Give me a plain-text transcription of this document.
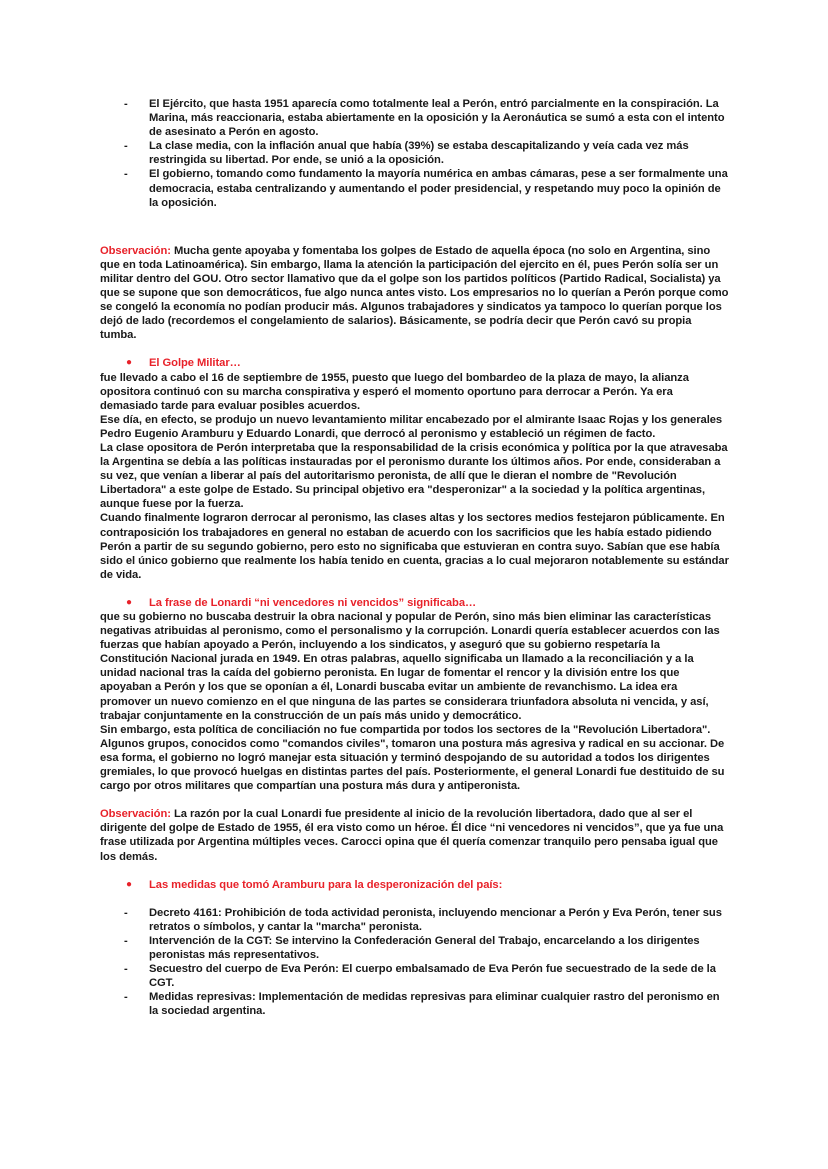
- El Ejército, que hasta 1951 aparecía como totalmente leal a Perón, entró parcialmente en la conspiración. La Marina, más reaccionaria, estaba abiertamente en la oposición y la Aeronáutica se sumó a esta con el intento de asesinato a Perón en agosto.
- La clase media, con la inflación anual que había (39%) se estaba descapitalizando y veía cada vez más restringida su libertad. Por ende, se unió a la oposición.
- El gobierno, tomando como fundamento la mayoría numérica en ambas cámaras, pese a ser formalmente una democracia, estaba centralizando y aumentando el poder presidencial, y respetando muy poco la opinión de la oposición.

Observación: Mucha gente apoyaba y fomentaba los golpes de Estado de aquella época (no solo en Argentina, sino que en toda Latinoamérica). Sin embargo, llama la atención la participación del ejercito en él, pues Perón solía ser un militar dentro del GOU. Otro sector llamativo que da el golpe son los partidos políticos (Partido Radical, Socialista) ya que se supone que son democráticos, fue algo nunca antes visto. Los empresarios no lo querían a Perón porque como se congeló la economía no podían producir más. Algunos trabajadores y sindicatos ya tampoco lo querían porque los dejó de lado (recordemos el congelamiento de salarios). Básicamente, se podría decir que Perón cavó su propia tumba.

● El Golpe Militar…

fue llevado a cabo el 16 de septiembre de 1955, puesto que luego del bombardeo de la plaza de mayo, la alianza opositora continuó con su marcha conspirativa y esperó el momento oportuno para derrocar a Perón. Ya era demasiado tarde para evaluar posibles acuerdos.

Ese día, en efecto, se produjo un nuevo levantamiento militar encabezado por el almirante Isaac Rojas y los generales Pedro Eugenio Aramburu y Eduardo Lonardi, que derrocó al peronismo y estableció un régimen de facto.

La clase opositora de Perón interpretaba que la responsabilidad de la crisis económica y política por la que atravesaba la Argentina se debía a las políticas instauradas por el peronismo durante los últimos años. Por ende, consideraban a su vez, que venían a liberar al país del autoritarismo peronista, de allí que le dieran el nombre de "Revolución Libertadora" a este golpe de Estado. Su principal objetivo era "desperonizar" a la sociedad y la política argentinas, aunque fuese por la fuerza.

Cuando finalmente lograron derrocar al peronismo, las clases altas y los sectores medios festejaron públicamente. En contraposición los trabajadores en general no estaban de acuerdo con los sacrificios que les había estado pidiendo Perón a partir de su segundo gobierno, pero esto no significaba que estuvieran en contra suyo. Sabían que ese había sido el único gobierno que realmente los había tenido en cuenta, gracias a lo cual mejoraron notablemente su estándar de vida.

● La frase de Lonardi “ni vencedores ni vencidos” significaba…

que su gobierno no buscaba destruir la obra nacional y popular de Perón, sino más bien eliminar las características negativas atribuidas al peronismo, como el personalismo y la corrupción. Lonardi quería establecer acuerdos con las fuerzas que habían apoyado a Perón, incluyendo a los sindicatos, y aseguró que su gobierno respetaría la Constitución Nacional jurada en 1949. En otras palabras, aquello significaba un llamado a la reconciliación y a la unidad nacional tras la caída del gobierno peronista. En lugar de fomentar el rencor y la división entre los que apoyaban a Perón y los que se oponían a él, Lonardi buscaba evitar un ambiente de revanchismo. La idea era promover un nuevo comienzo en el que ninguna de las partes se considerara triunfadora absoluta ni vencida, y así, trabajar conjuntamente en la construcción de un país más unido y democrático.

Sin embargo, esta política de conciliación no fue compartida por todos los sectores de la "Revolución Libertadora". Algunos grupos, conocidos como "comandos civiles", tomaron una postura más agresiva y radical en su accionar. De esa forma, el gobierno no logró manejar esta situación y terminó despojando de su autoridad a todos los dirigentes gremiales, lo que provocó huelgas en distintas partes del país. Posteriormente, el general Lonardi fue destituido de su cargo por otros militares que compartían una postura más dura y antiperonista.

Observación: La razón por la cual Lonardi fue presidente al inicio de la revolución libertadora, dado que al ser el dirigente del golpe de Estado de 1955, él era visto como un héroe. Él dice “ni vencedores ni vencidos”, que ya fue una frase utilizada por Argentina múltiples veces. Carocci opina que él quería comenzar tranquilo pero pensaba igual que los demás.

● Las medidas que tomó Aramburu para la desperonización del país:
- Decreto 4161: Prohibición de toda actividad peronista, incluyendo mencionar a Perón y Eva Perón, tener sus retratos o símbolos, y cantar la "marcha" peronista.
- Intervención de la CGT: Se intervino la Confederación General del Trabajo, encarcelando a los dirigentes peronistas más representativos.
- Secuestro del cuerpo de Eva Perón: El cuerpo embalsamado de Eva Perón fue secuestrado de la sede de la CGT.
- Medidas represivas: Implementación de medidas represivas para eliminar cualquier rastro del peronismo en la sociedad argentina.
